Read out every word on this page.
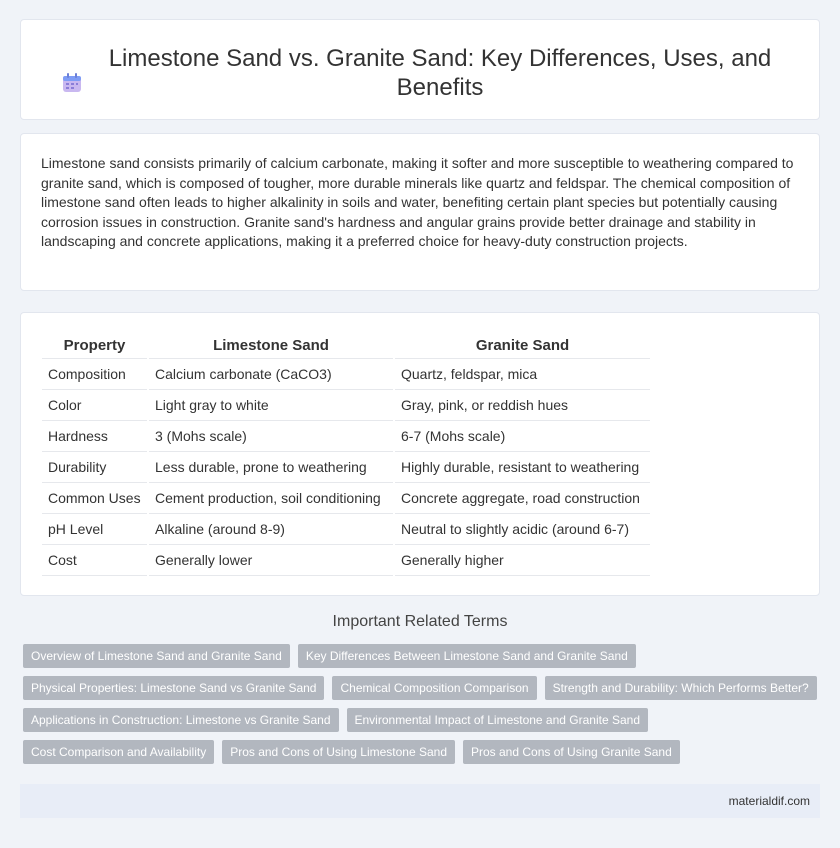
Limestone Sand vs. Granite Sand: Key Differences, Uses, and Benefits

Limestone sand consists primarily of calcium carbonate, making it softer and more susceptible to weathering compared to granite sand, which is composed of tougher, more durable minerals like quartz and feldspar. The chemical composition of limestone sand often leads to higher alkalinity in soils and water, benefiting certain plant species but potentially causing corrosion issues in construction. Granite sand's hardness and angular grains provide better drainage and stability in landscaping and concrete applications, making it a preferred choice for heavy-duty construction projects.

Property	Limestone Sand	Granite Sand
Composition	Calcium carbonate (CaCO3)	Quartz, feldspar, mica
Color	Light gray to white	Gray, pink, or reddish hues
Hardness	3 (Mohs scale)	6-7 (Mohs scale)
Durability	Less durable, prone to weathering	Highly durable, resistant to weathering
Common Uses	Cement production, soil conditioning	Concrete aggregate, road construction
pH Level	Alkaline (around 8-9)	Neutral to slightly acidic (around 6-7)
Cost	Generally lower	Generally higher
Important Related Terms
Overview of Limestone Sand and Granite Sand	Key Differences Between Limestone Sand and Granite Sand
Physical Properties: Limestone Sand vs Granite Sand	Chemical Composition Comparison	Strength and Durability: Which Performs Better?
Applications in Construction: Limestone vs Granite Sand	Environmental Impact of Limestone and Granite Sand
Cost Comparison and Availability	Pros and Cons of Using Limestone Sand	Pros and Cons of Using Granite Sand
materialdif.com
